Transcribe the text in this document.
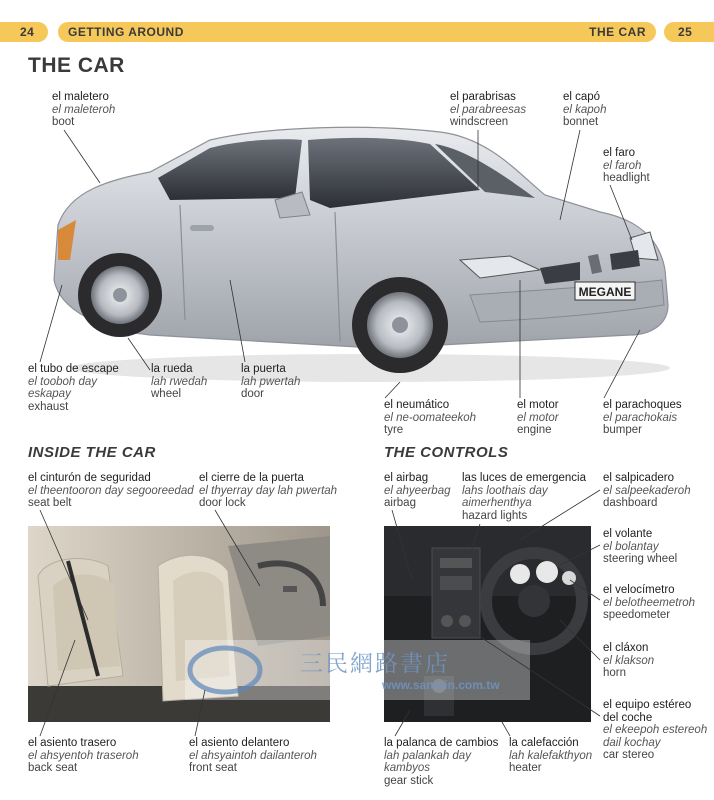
24	GETTING AROUND	THE CAR	25
THE CAR
MEGANE
el maletero
el maleteroh
boot
el parabrisas
el parabreesas
windscreen
el capó
el kapoh
bonnet
el faro
el faroh
headlight
el tubo de escape
el tooboh day
eskapay
exhaust
la rueda
lah rwedah
wheel
la puerta
lah pwertah
door
el neumático
el ne-oomateekoh
tyre
el motor
el motor
engine
el parachoques
el parachokais
bumper
INSIDE THE CAR	THE CONTROLS
三民網路書店
www.sanmin.com.tw
el cinturón de seguridad
el theentooron day segooreedad
seat belt
el cierre de la puerta
el thyerray day lah pwertah
door lock
el asiento trasero
el ahsyentoh traseroh
back seat
el asiento delantero
el ahsyaintoh dailanteroh
front seat
el airbag
el ahyeerbag
airbag
las luces de emergencia
lahs loothais day
aimerhenthya
hazard lights
el salpicadero
el salpeekaderoh
dashboard
el volante
el bolantay
steering wheel
el velocímetro
el belotheemetroh
speedometer
el cláxon
el klakson
horn
el equipo estéreo
del coche
el ekeepoh estereoh
dail kochay
car stereo
la palanca de cambios
lah palankah day
kambyos
gear stick
la calefacción
lah kalefakthyon
heater
